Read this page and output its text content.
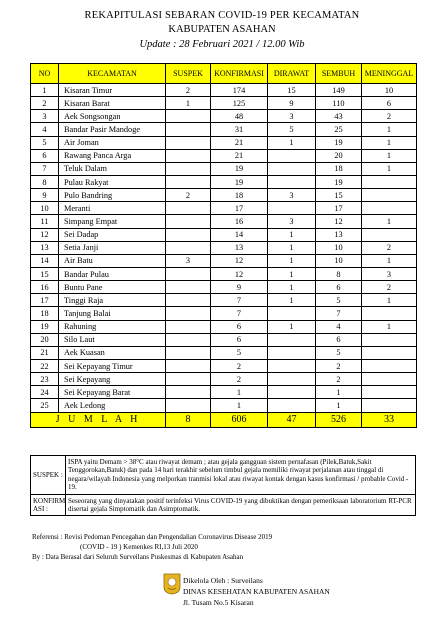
REKAPITULASI SEBARAN COVID-19 PER KECAMATAN
KABUPATEN ASAHAN
Update : 28 Februari 2021 / 12.00 Wib
NO	KECAMATAN	SUSPEK	KONFIRMASI	DIRAWAT	SEMBUH	MENINGGAL
1	Kisaran Timur	2	174	15	149	10
2	Kisaran Barat	1	125	9	110	6
3	Aek Songsongan		48	3	43	2
4	Bandar Pasir Mandoge		31	5	25	1
5	Air Joman		21	1	19	1
6	Rawang Panca Arga		21		20	1
7	Teluk Dalam		19		18	1
8	Pulau Rakyat		19		19	
9	Pulo Bandring	2	18	3	15	
10	Meranti		17		17	
11	Simpang Empat		16	3	12	1
12	Sei Dadap		14	1	13	
13	Setia Janji		13	1	10	2
14	Air Batu	3	12	1	10	1
15	Bandar Pulau		12	1	8	3
16	Buntu Pane		9	1	6	2
17	Tinggi Raja		7	1	5	1
18	Tanjung Balai		7		7	
19	Rahuning		6	1	4	1
20	Silo Laut		6		6	
21	Aek Kuasan		5		5	
22	Sei Kepayang Timur		2		2	
23	Sei Kepayang		2		2	
24	Sei Kepayang Barat		1		1	
25	Aek Ledong		1		1	
J U M L A H		8	606	47	526	33
SUSPEK :	ISPA yaitu Demam > 38°C atau riwayat demam ; atau gejala gangguan sistem pernafasan (Pilek,Batuk,Sakit Tenggorokan,Batuk) dan pada 14 hari terakhir sebelum timbul gejala memiliki riwayat perjalanan atau tinggal di negara/wilayah Indonesia yang melporkan tranmisi lokal atau riwayat kontak dengan kasus konfirmasi / probable Covid - 19.
KONFIRM ASI :	Seseorang yang dinyatakan positif terinfeksi Virus COVID-19 yang dibuktikan dengan pemeriksaan laboratorium RT-PCR disertai gejala Simptomatik dan Asimptomatik.
Referensi : Revisi Pedoman Pencegahan dan Pengendalian Coronavirus Disease 2019
(COVID - 19 ) Kemenkes RI,13 Juli 2020
By : Data Berasal dari Seluruh Surveilans Puskesmas di Kabupaten Asahan
Dikelola Oleh : Surveilans
DINAS KESEHATAN KABUPATEN ASAHAN
Jl. Tusam No.5 Kisaran
